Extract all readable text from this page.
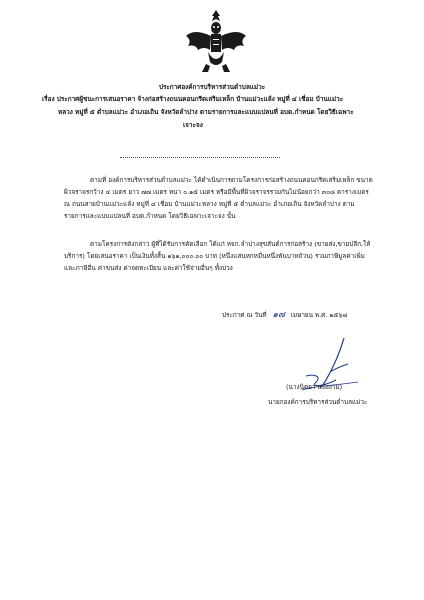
ประกาศองค์การบริหารส่วนตำบลแม่วะ
เรื่อง ประกาศผู้ชนะการเสนอราคา จ้างก่อสร้างถนนคอนกรีตเสริมเหล็ก บ้านแม่วะแล้ง หมู่ที่ ๔ เชื่อม บ้านแม่วะ
หลวง หมู่ที่ ๕ ตำบลแม่วะ อำเภอเถิน จังหวัดลำปาง ตามรายการและแบบแปลนที่ อบต.กำหนด โดยวิธีเฉพาะ
เจาะจง
ตามที่ องค์การบริหารส่วนตำบลแม่วะ ได้ดำเนินการตามโครงการก่อสร้างถนนคอนกรีตเสริมเหล็ก ขนาด
ผิวจราจรกว้าง ๔ เมตร ยาว ๗๗ เมตร หนา ๐.๑๕ เมตร หรือมีพื้นที่ผิวจราจรรวมกันไม่น้อยกว่า ๓๐๘ ตารางเมตร
ณ ถนนสายบ้านแม่วะแล้ง หมู่ที่ ๔ เชื่อม บ้านแม่วะหลวง หมู่ที่ ๕ ตำบลแม่วะ อำเภอเถิน จังหวัดลำปาง ตาม
รายการและแบบแปลนที่ อบต.กำหนด โดยวิธีเฉพาะเจาะจง นั้น
ตามโครงการดังกล่าว ผู้ที่ได้รับการคัดเลือก ได้แก่ หจก.ลำปางสุขสันต์การก่อสร้าง (ขายส่ง,ขายปลีก,ให้
บริการ) โดยเสนอราคา เป็นเงินทั้งสิ้น ๑๖๑,๐๐๐.๐๐ บาท (หนึ่งแสนหกหมื่นหนึ่งพันบาทถ้วน) รวมภาษีมูลค่าเพิ่ม
และภาษีอื่น ค่าขนส่ง ค่าจดทะเบียน และค่าใช้จ่ายอื่นๆ ทั้งปวง
ประกาศ ณ วันที่ ๑๗ เมษายน พ.ศ. ๒๕๖๘
(นางนิตยา แปงงาม)
นายกองค์การบริหารส่วนตำบลแม่วะ
